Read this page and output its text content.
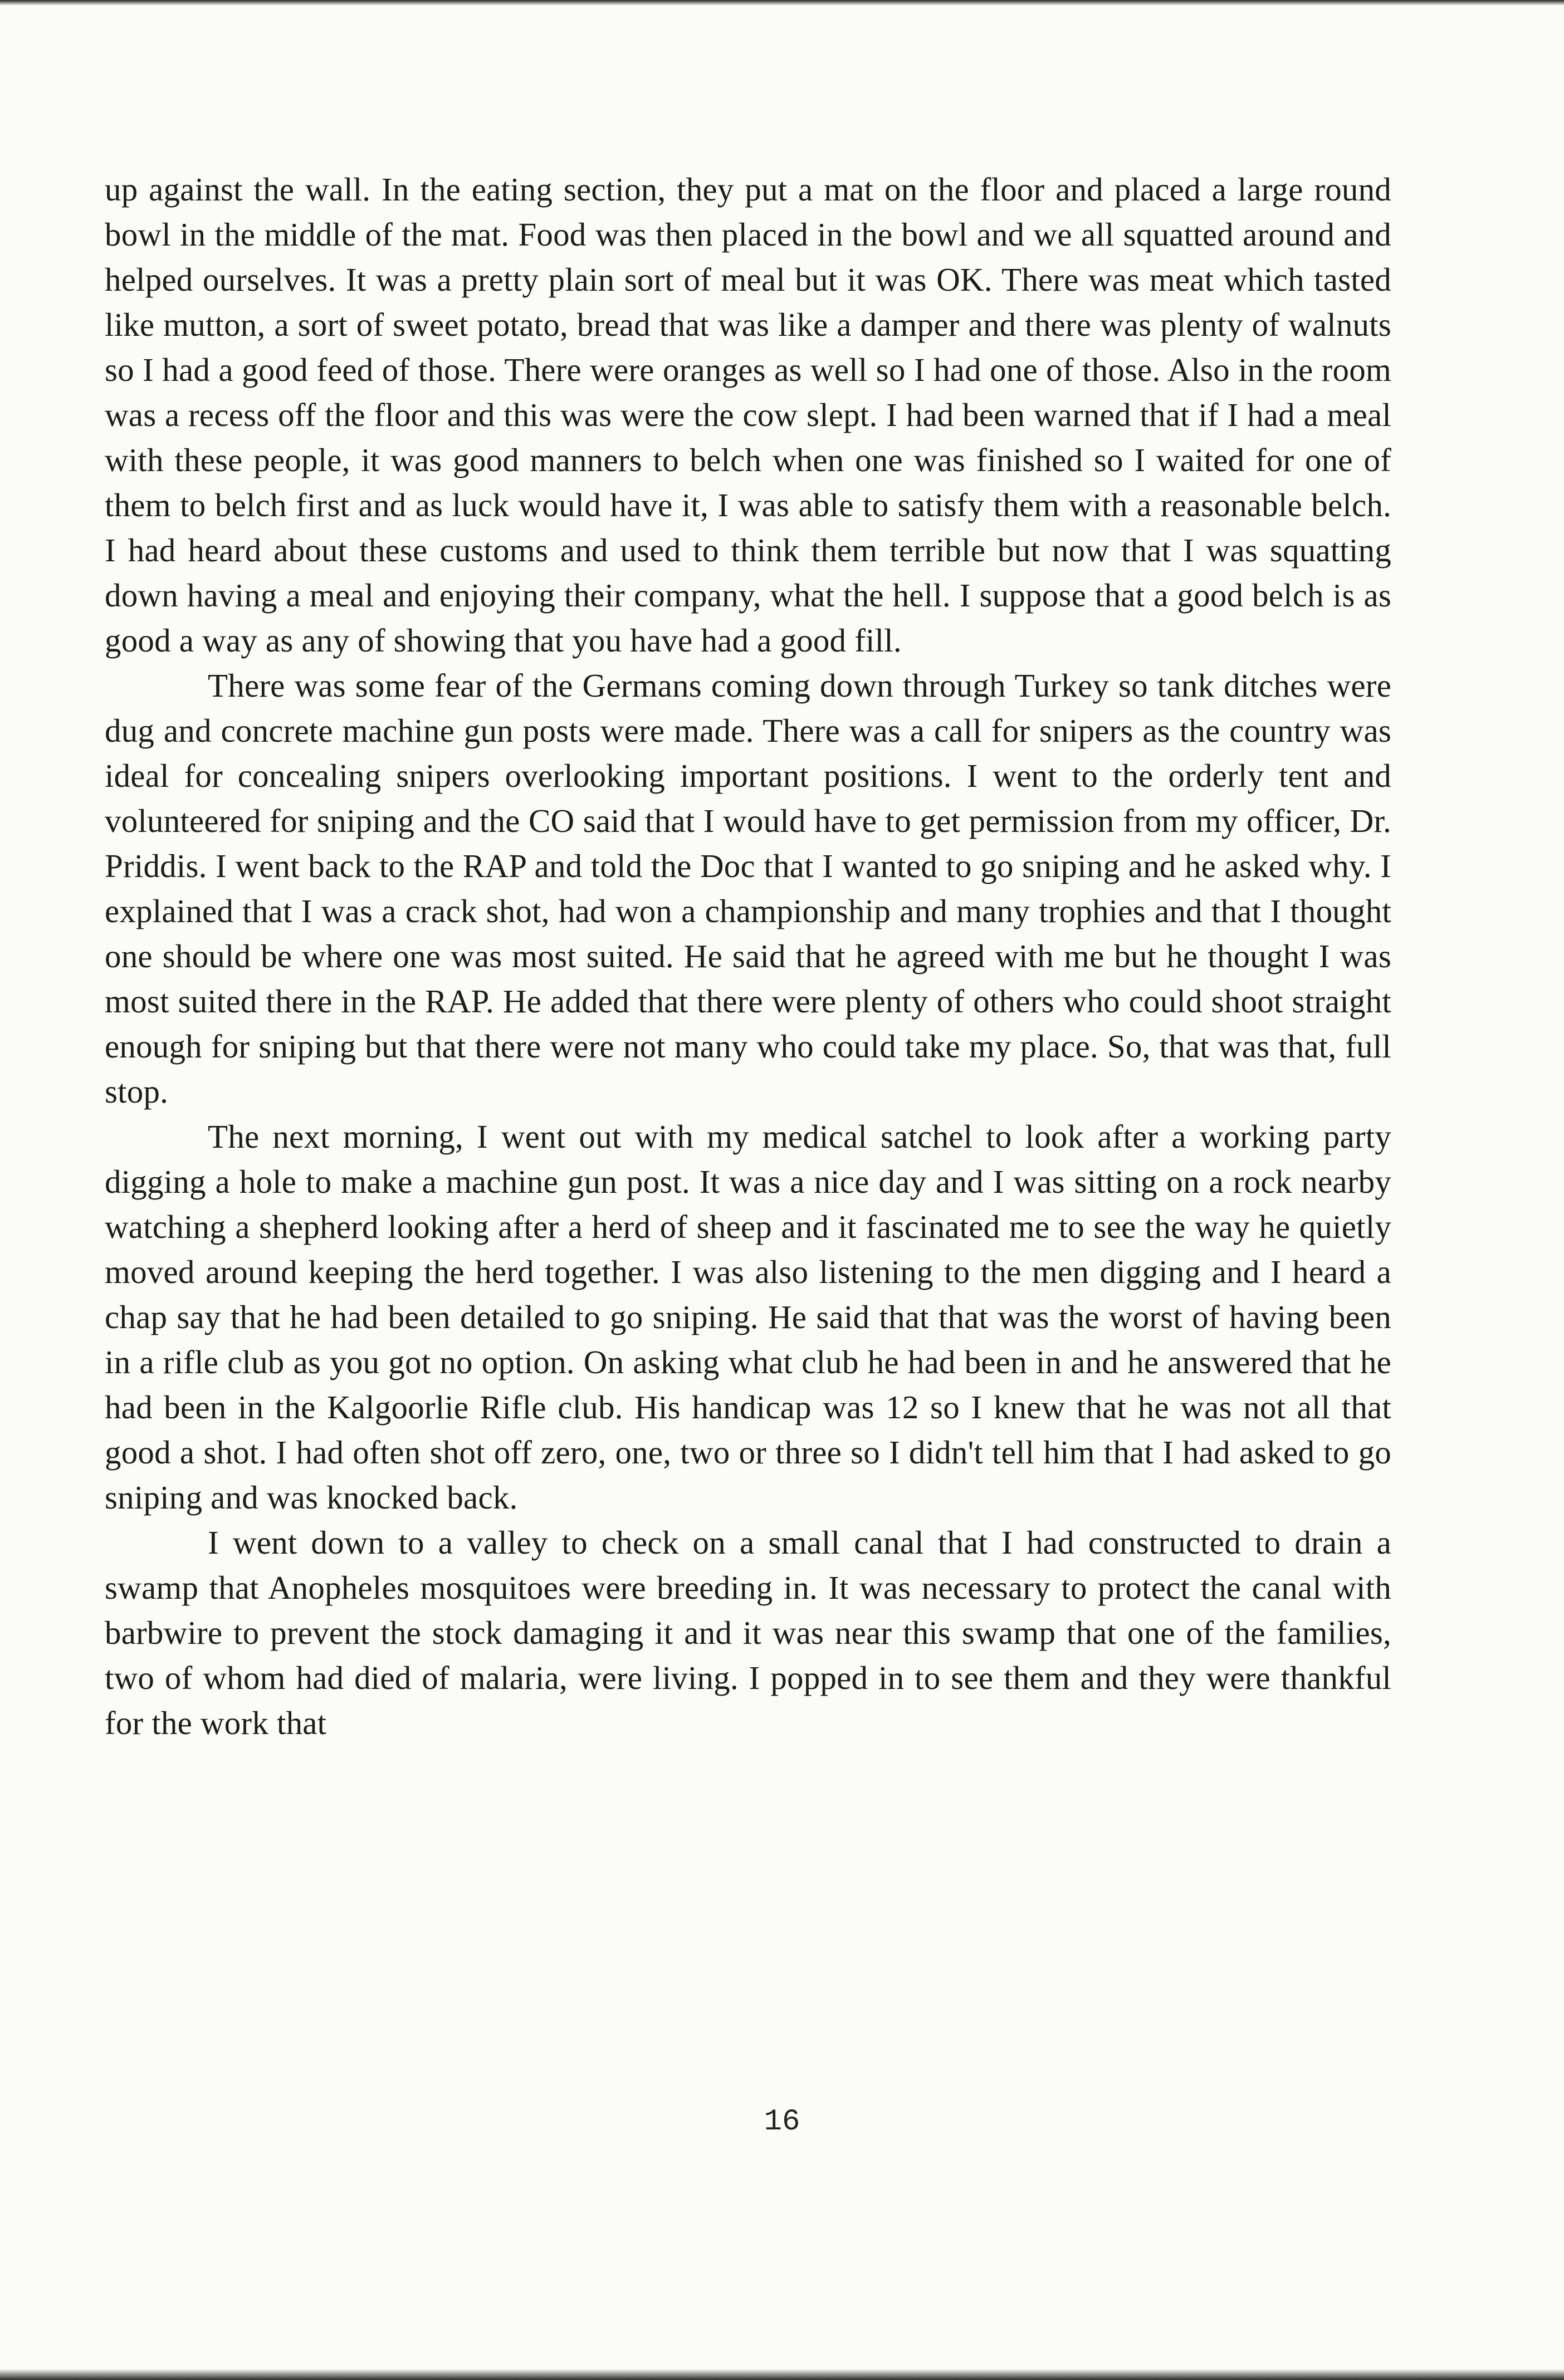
up against the wall. In the eating section, they put a mat on the floor and placed a large round bowl in the middle of the mat. Food was then placed in the bowl and we all squatted around and helped ourselves. It was a pretty plain sort of meal but it was OK. There was meat which tasted like mutton, a sort of sweet potato, bread that was like a damper and there was plenty of walnuts so I had a good feed of those. There were oranges as well so I had one of those. Also in the room was a recess off the floor and this was were the cow slept. I had been warned that if I had a meal with these people, it was good manners to belch when one was finished so I waited for one of them to belch first and as luck would have it, I was able to satisfy them with a reasonable belch. I had heard about these customs and used to think them terrible but now that I was squatting down having a meal and enjoying their company, what the hell. I suppose that a good belch is as good a way as any of showing that you have had a good fill.

There was some fear of the Germans coming down through Turkey so tank ditches were dug and concrete machine gun posts were made. There was a call for snipers as the country was ideal for concealing snipers overlooking important positions. I went to the orderly tent and volunteered for sniping and the CO said that I would have to get permission from my officer, Dr. Priddis. I went back to the RAP and told the Doc that I wanted to go sniping and he asked why. I explained that I was a crack shot, had won a championship and many trophies and that I thought one should be where one was most suited. He said that he agreed with me but he thought I was most suited there in the RAP. He added that there were plenty of others who could shoot straight enough for sniping but that there were not many who could take my place. So, that was that, full stop.

The next morning, I went out with my medical satchel to look after a working party digging a hole to make a machine gun post. It was a nice day and I was sitting on a rock nearby watching a shepherd looking after a herd of sheep and it fascinated me to see the way he quietly moved around keeping the herd together. I was also listening to the men digging and I heard a chap say that he had been detailed to go sniping. He said that that was the worst of having been in a rifle club as you got no option. On asking what club he had been in and he answered that he had been in the Kalgoorlie Rifle club. His handicap was 12 so I knew that he was not all that good a shot. I had often shot off zero, one, two or three so I didn't tell him that I had asked to go sniping and was knocked back.

I went down to a valley to check on a small canal that I had constructed to drain a swamp that Anopheles mosquitoes were breeding in. It was necessary to protect the canal with barbwire to prevent the stock damaging it and it was near this swamp that one of the families, two of whom had died of malaria, were living. I popped in to see them and they were thankful for the work that

16
